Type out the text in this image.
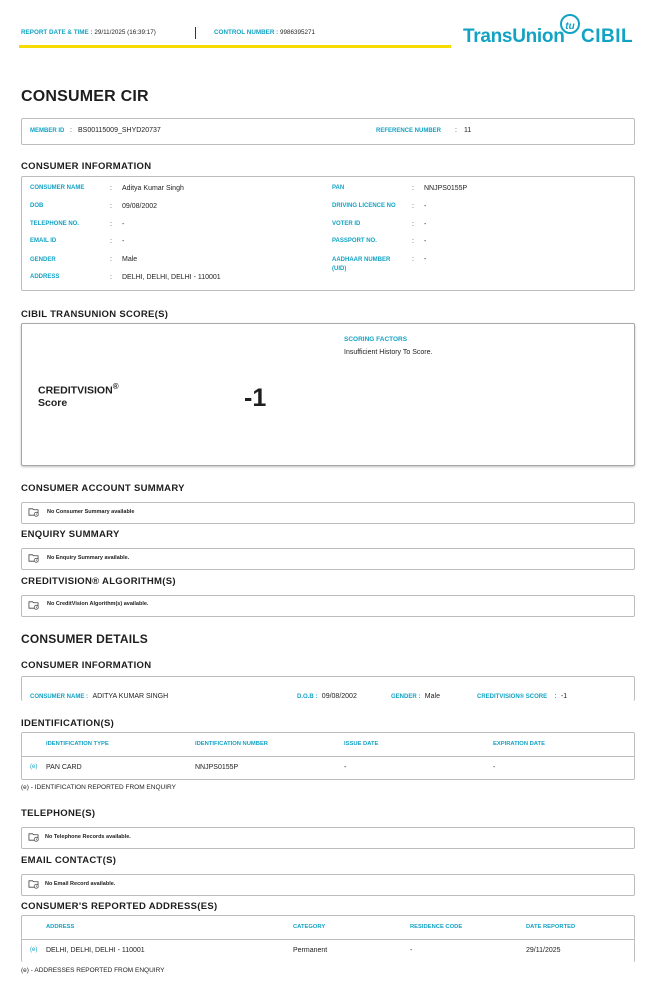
REPORT DATE & TIME : 29/11/2025 (16:39:17)	CONTROL NUMBER : 9986395271	TransUnion tu CIBIL
CONSUMER CIR
MEMBER ID : BS00115009_SHYD20737	REFERENCE NUMBER : 11
CONSUMER INFORMATION
CONSUMER NAME	: Aditya Kumar Singh
DOB	: 09/08/2002
TELEPHONE NO.	: -
EMAIL ID	: -
GENDER	: Male
ADDRESS	: DELHI, DELHI, DELHI - 110001
PAN	: NNJPS0155P
DRIVING LICENCE NO : -
VOTER ID	: -
PASSPORT NO.	: -
AADHAAR NUMBER
(UID)
: -
CIBIL TRANSUNION SCORE(S)
CREDITVISION®
Score	-1
SCORING FACTORS
Insufficient History To Score.
CONSUMER ACCOUNT SUMMARY
No Consumer Summary available
ENQUIRY SUMMARY
No Enquiry Summary available.
CREDITVISION® ALGORITHM(S)
No CreditVision Algorithm(s) available.
CONSUMER DETAILS
CONSUMER INFORMATION
CONSUMER NAME : ADITYA KUMAR SINGH	D.O.B : 09/08/2002	GENDER : Male	CREDITVISION® SCORE : -1
IDENTIFICATION(S)
IDENTIFICATION TYPE	IDENTIFICATION NUMBER	ISSUE DATE	EXPIRATION DATE
(e) PAN CARD	NNJPS0155P	-	-
(e) - IDENTIFICATION REPORTED FROM ENQUIRY
TELEPHONE(S)
No Telephone Records available.
EMAIL CONTACT(S)
No Email Record available.
CONSUMER'S REPORTED ADDRESS(ES)
ADDRESS	CATEGORY	RESIDENCE CODE	DATE REPORTED
(e) DELHI, DELHI, DELHI - 110001	Permanent	-	29/11/2025
(e) - ADDRESSES REPORTED FROM ENQUIRY
